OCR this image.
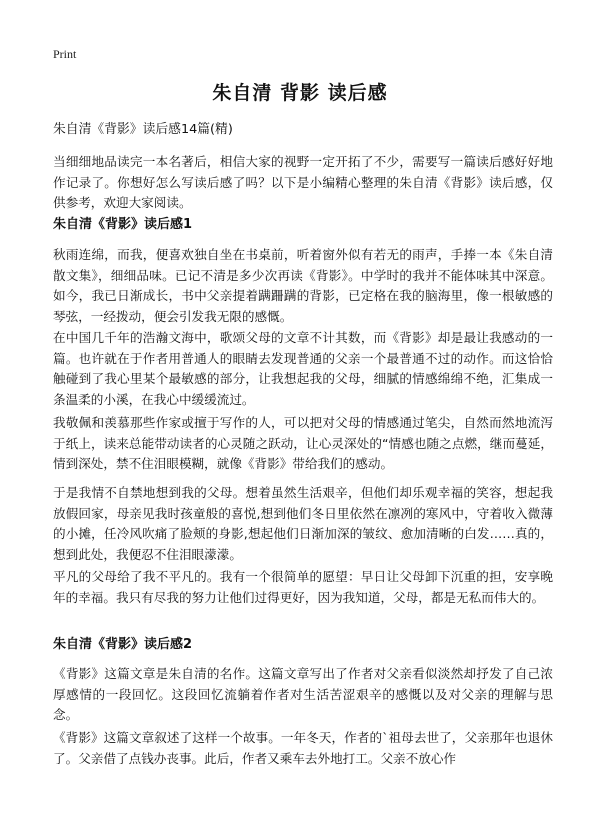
Print
朱自清 背影 读后感
朱自清《背影》读后感14篇(精)
当细细地品读完一本名著后，相信大家的视野一定开拓了不少，需要写一篇读后感好好地作记录了。你想好怎么写读后感了吗？以下是小编精心整理的朱自清《背影》读后感，仅供参考，欢迎大家阅读。
朱自清《背影》读后感1
秋雨连绵，而我，便喜欢独自坐在书桌前，听着窗外似有若无的雨声，手捧一本《朱自清散文集》，细细品味。已记不清是多少次再读《背影》。中学时的我并不能体味其中深意。如今，我已日渐成长，书中父亲提着蹒跚蹒的背影，已定格在我的脑海里，像一根敏感的琴弦，一经拨动，便会引发我无限的感慨。
在中国几千年的浩瀚文海中，歌颂父母的文章不计其数，而《背影》却是最让我感动的一篇。也许就在于作者用普通人的眼睛去发现普通的父亲一个最普通不过的动作。而这恰恰触碰到了我心里某个最敏感的部分，让我想起我的父母，细腻的情感绵绵不绝，汇集成一条温柔的小溪，在我心中缓缓流过。
我敬佩和羡慕那些作家或擅于写作的人，可以把对父母的情感通过笔尖，自然而然地流泻于纸上，读来总能带动读者的心灵随之跃动，让心灵深处的“情感也随之点燃，继而蔓延，情到深处，禁不住泪眼模糊，就像《背影》带给我们的感动。
于是我情不自禁地想到我的父母。想着虽然生活艰辛，但他们却乐观幸福的笑容，想起我放假回家，母亲见我时孩童般的喜悦,想到他们冬日里依然在凛冽的寒风中，守着收入微薄的小摊，任冷风吹痛了脸颊的身影,想起他们日渐加深的皱纹、愈加清晰的白发……真的，想到此处，我便忍不住泪眼濛濛。
平凡的父母给了我不平凡的。我有一个很简单的愿望：早日让父母卸下沉重的担，安享晚年的幸福。我只有尽我的努力让他们过得更好，因为我知道，父母，都是无私而伟大的。
朱自清《背影》读后感2
《背影》这篇文章是朱自清的名作。这篇文章写出了作者对父亲看似淡然却抒发了自己浓厚感情的一段回忆。这段回忆流躺着作者对生活苦涩艰辛的感慨以及对父亲的理解与思念。
《背影》这篇文章叙述了这样一个故事。一年冬天，作者的`祖母去世了，父亲那年也退休了。父亲借了点钱办丧事。此后，作者又乘车去外地打工。父亲不放心作
